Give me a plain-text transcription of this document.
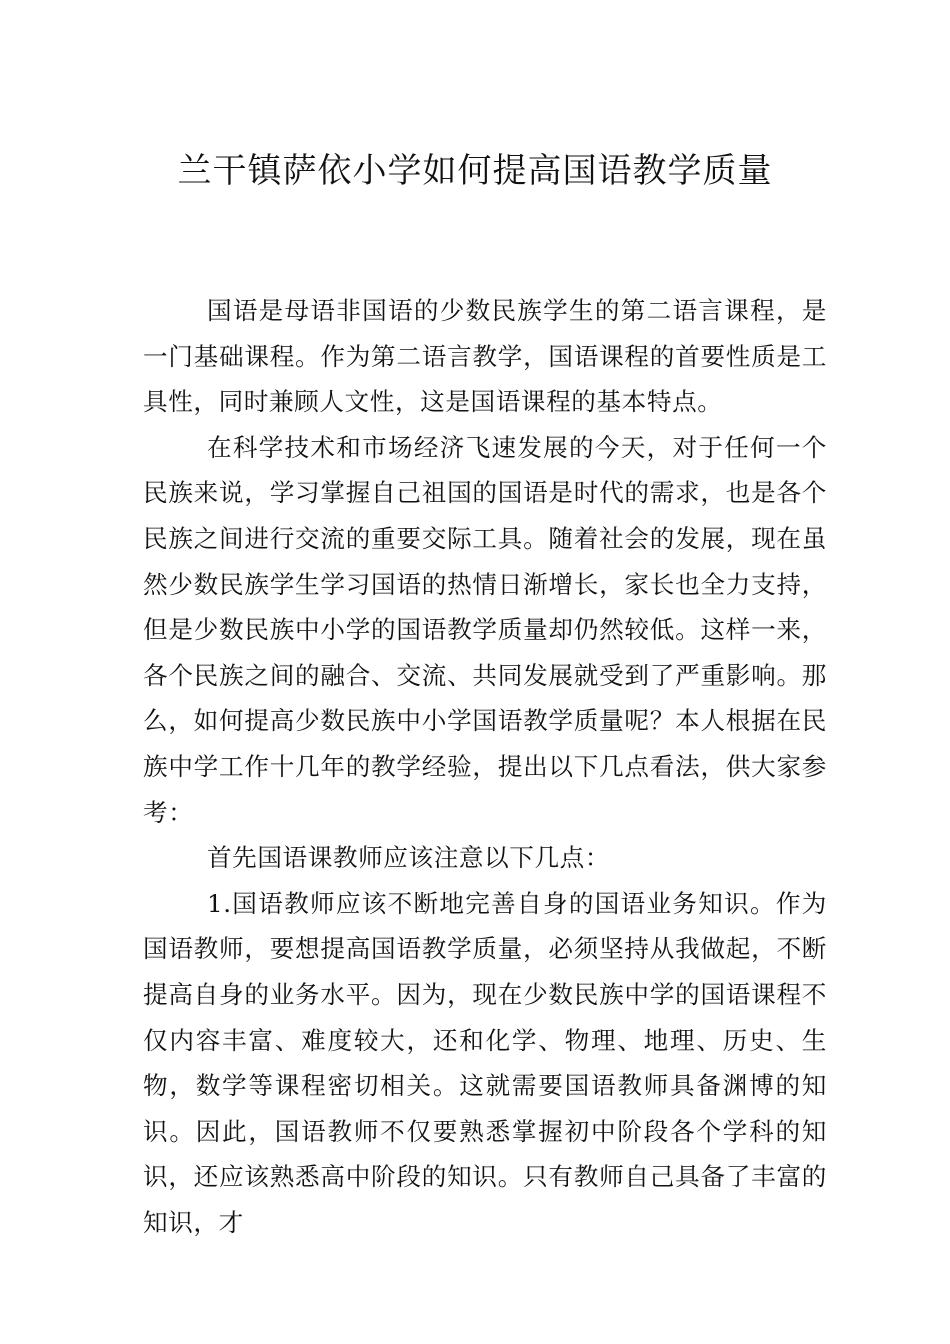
兰干镇萨依小学如何提高国语教学质量

国语是母语非国语的少数民族学生的第二语言课程，是一门基础课程。作为第二语言教学，国语课程的首要性质是工具性，同时兼顾人文性，这是国语课程的基本特点。

在科学技术和市场经济飞速发展的今天，对于任何一个民族来说，学习掌握自己祖国的国语是时代的需求，也是各个民族之间进行交流的重要交际工具。随着社会的发展，现在虽然少数民族学生学习国语的热情日渐增长，家长也全力支持，但是少数民族中小学的国语教学质量却仍然较低。这样一来，各个民族之间的融合、交流、共同发展就受到了严重影响。那么，如何提高少数民族中小学国语教学质量呢？本人根据在民族中学工作十几年的教学经验，提出以下几点看法，供大家参考：

首先国语课教师应该注意以下几点：

1.国语教师应该不断地完善自身的国语业务知识。作为国语教师，要想提高国语教学质量，必须坚持从我做起，不断提高自身的业务水平。因为，现在少数民族中学的国语课程不仅内容丰富、难度较大，还和化学、物理、地理、历史、生物，数学等课程密切相关。这就需要国语教师具备渊博的知识。因此，国语教师不仅要熟悉掌握初中阶段各个学科的知识，还应该熟悉高中阶段的知识。只有教师自己具备了丰富的知识，才
